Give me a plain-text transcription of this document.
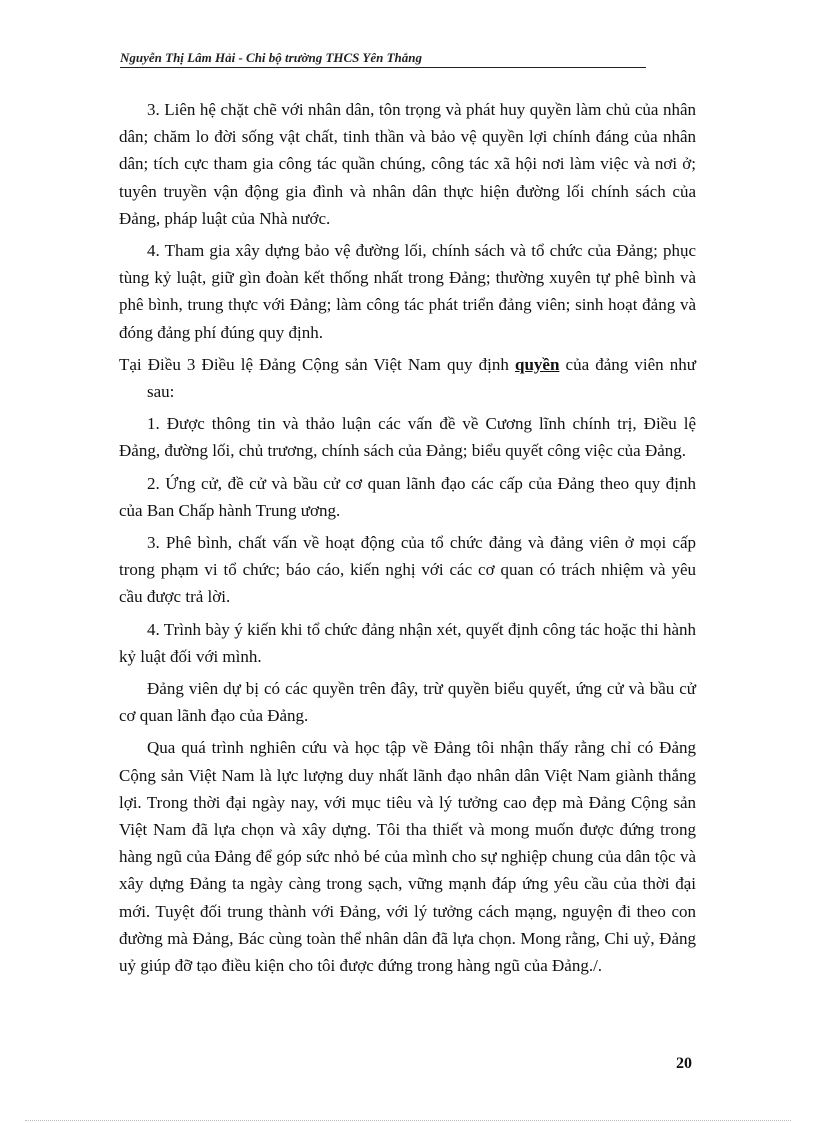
Nguyễn Thị Lâm Hải - Chi bộ trường THCS Yên Thắng

3. Liên hệ chặt chẽ với nhân dân, tôn trọng và phát huy quyền làm chủ của nhân dân; chăm lo đời sống vật chất, tinh thần và bảo vệ quyền lợi chính đáng của nhân dân; tích cực tham gia công tác quần chúng, công tác xã hội nơi làm việc và nơi ở; tuyên truyền vận động gia đình và nhân dân thực hiện đường lối chính sách của Đảng, pháp luật của Nhà nước.

4. Tham gia xây dựng bảo vệ đường lối, chính sách và tổ chức của Đảng; phục tùng kỷ luật, giữ gìn đoàn kết thống nhất trong Đảng; thường xuyên tự phê bình và phê bình, trung thực với Đảng; làm công tác phát triển đảng viên; sinh hoạt đảng và đóng đảng phí đúng quy định.

Tại Điều 3 Điều lệ Đảng Cộng sản Việt Nam quy định quyền của đảng viên như sau:

1. Được thông tin và thảo luận các vấn đề về Cương lĩnh chính trị, Điều lệ Đảng, đường lối, chủ trương, chính sách của Đảng; biểu quyết công việc của Đảng.

2. Ứng cử, đề cử và bầu cử cơ quan lãnh đạo các cấp của Đảng theo quy định của Ban Chấp hành Trung ương.

3. Phê bình, chất vấn về hoạt động của tổ chức đảng và đảng viên ở mọi cấp trong phạm vi tổ chức; báo cáo, kiến nghị với các cơ quan có trách nhiệm và yêu cầu được trả lời.

4. Trình bày ý kiến khi tổ chức đảng nhận xét, quyết định công tác hoặc thi hành kỷ luật đối với mình.

Đảng viên dự bị có các quyền trên đây, trừ quyền biểu quyết, ứng cử và bầu cử cơ quan lãnh đạo của Đảng.

Qua quá trình nghiên cứu và học tập về Đảng tôi nhận thấy rằng chỉ có Đảng Cộng sản Việt Nam là lực lượng duy nhất lãnh đạo nhân dân Việt Nam giành thắng lợi. Trong thời đại ngày nay, với mục tiêu và lý tưởng cao đẹp mà Đảng Cộng sản Việt Nam đã lựa chọn và xây dựng. Tôi tha thiết và mong muốn được đứng trong hàng ngũ của Đảng để góp sức nhỏ bé của mình cho sự nghiệp chung của dân tộc và xây dựng Đảng ta ngày càng trong sạch, vững mạnh đáp ứng yêu cầu của thời đại mới. Tuyệt đối trung thành với Đảng, với lý tưởng cách mạng, nguyện đi theo con đường mà Đảng, Bác cùng toàn thể nhân dân đã lựa chọn. Mong rằng, Chi uỷ, Đảng uỷ giúp đỡ tạo điều kiện cho tôi được đứng trong hàng ngũ của Đảng./.

20
